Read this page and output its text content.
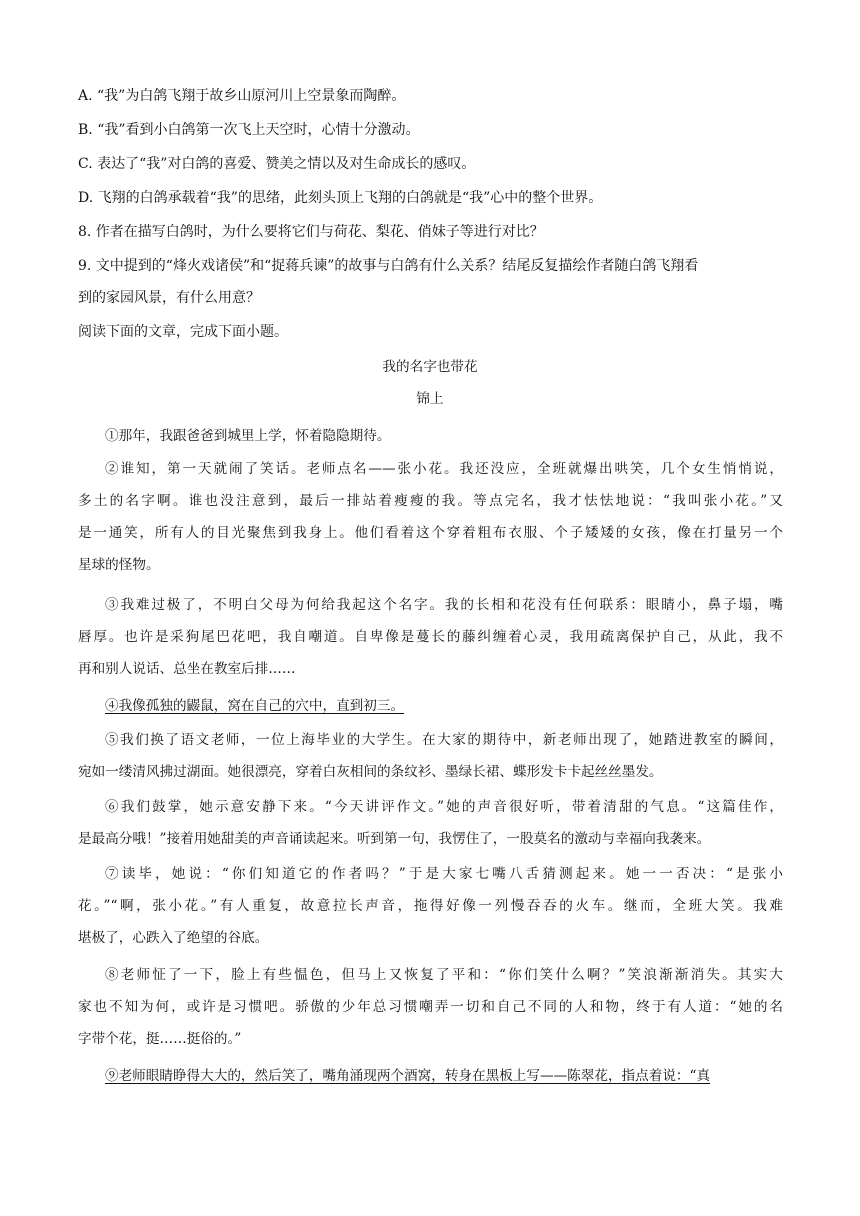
A. “我”为白鸽飞翔于故乡山原河川上空景象而陶醉。
B. “我”看到小白鸽第一次飞上天空时，心情十分激动。
C. 表达了“我”对白鸽的喜爱、赞美之情以及对生命成长的感叹。
D. 飞翔的白鸽承载着“我”的思绪，此刻头顶上飞翔的白鸽就是“我”心中的整个世界。
8. 作者在描写白鸽时，为什么要将它们与荷花、梨花、俏妹子等进行对比？
9. 文中提到的“烽火戏诸侯”和“捉蒋兵谏”的故事与白鸽有什么关系？结尾反复描绘作者随白鸽飞翔看
到的家园风景，有什么用意？
阅读下面的文章，完成下面小题。
我的名字也带花
锦上
①那年，我跟爸爸到城里上学，怀着隐隐期待。
②谁知，第一天就闹了笑话。老师点名——张小花。我还没应，全班就爆出哄笑，几个女生悄悄说，
多土的名字啊。谁也没注意到，最后一排站着瘦瘦的我。等点完名，我才怯怯地说：“我叫张小花。”又
是一通笑，所有人的目光聚焦到我身上。他们看着这个穿着粗布衣服、个子矮矮的女孩，像在打量另一个
星球的怪物。
③我难过极了，不明白父母为何给我起这个名字。我的长相和花没有任何联系：眼睛小，鼻子塌，嘴
唇厚。也许是采狗尾巴花吧，我自嘲道。自卑像是蔓长的藤纠缠着心灵，我用疏离保护自己，从此，我不
再和别人说话、总坐在教室后排……
④我像孤独的鼹鼠，窝在自己的穴中，直到初三。
⑤我们换了语文老师，一位上海毕业的大学生。在大家的期待中，新老师出现了，她踏进教室的瞬间，
宛如一缕清风拂过湖面。她很漂亮，穿着白灰相间的条纹衫、墨绿长裙、蝶形发卡卡起丝丝墨发。
⑥我们鼓掌，她示意安静下来。“今天讲评作文。”她的声音很好听，带着清甜的气息。“这篇佳作，
是最高分哦！”接着用她甜美的声音诵读起来。听到第一句，我愣住了，一股莫名的激动与幸福向我袭来。
⑦读毕，她说：“你们知道它的作者吗？”于是大家七嘴八舌猜测起来。她一一否决：“是张小
花。”“啊，张小花。”有人重复，故意拉长声音，拖得好像一列慢吞吞的火车。继而，全班大笑。我难
堪极了，心跌入了绝望的谷底。
⑧老师怔了一下，脸上有些愠色，但马上又恢复了平和：“你们笑什么啊？”笑浪渐渐消失。其实大
家也不知为何，或许是习惯吧。骄傲的少年总习惯嘲弄一切和自己不同的人和物，终于有人道：“她的名
字带个花，挺……挺俗的。”
⑨老师眼睛睁得大大的，然后笑了，嘴角涌现两个酒窝，转身在黑板上写——陈翠花，指点着说：“真
